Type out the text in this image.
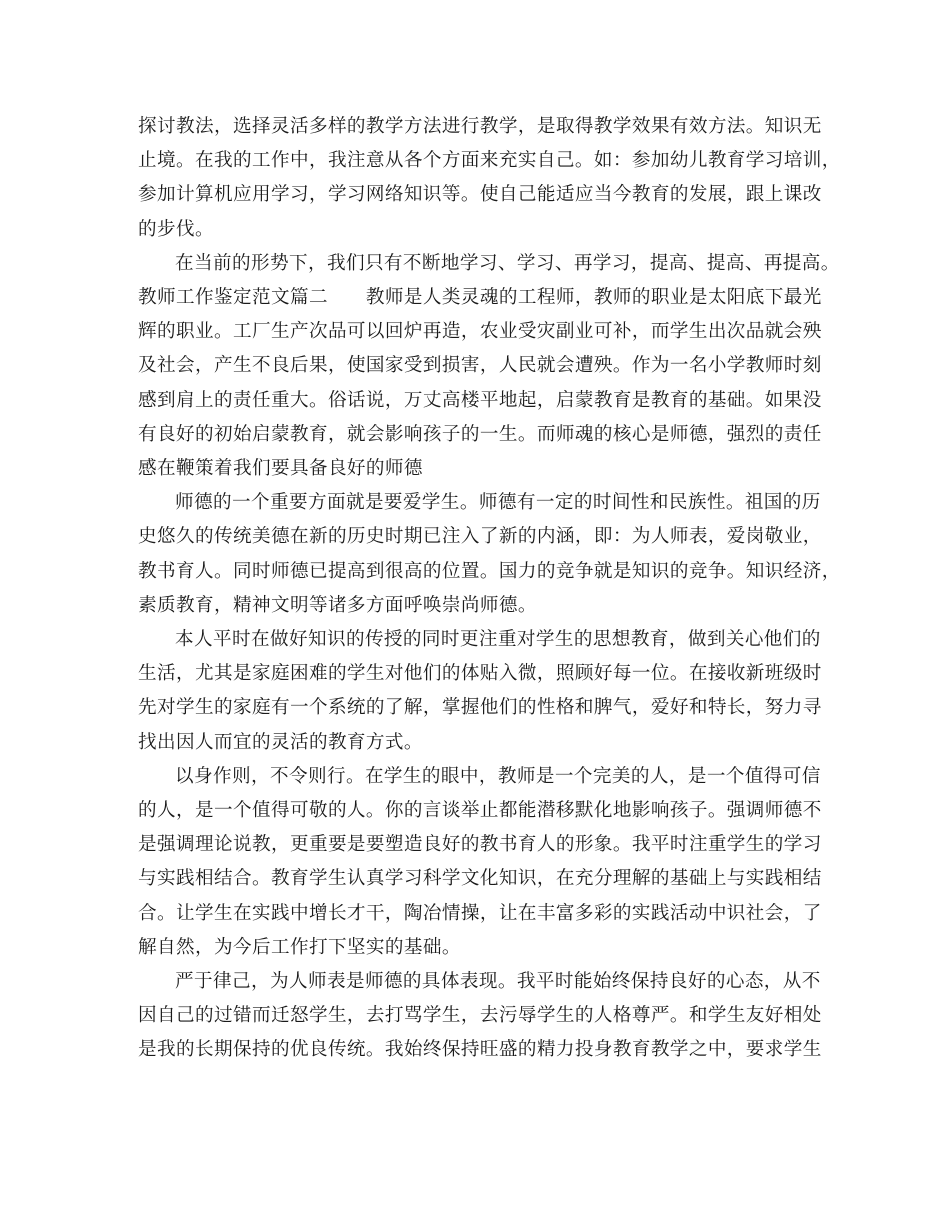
探讨教法，选择灵活多样的教学方法进行教学，是取得教学效果有效方法。知识无
止境。在我的工作中，我注意从各个方面来充实自己。如：参加幼儿教育学习培训，
参加计算机应用学习，学习网络知识等。使自己能适应当今教育的发展，跟上课改
的步伐。

在当前的形势下，我们只有不断地学习、学习、再学习，提高、提高、再提高。
教师工作鉴定范文篇二　　教师是人类灵魂的工程师，教师的职业是太阳底下最光
辉的职业。工厂生产次品可以回炉再造，农业受灾副业可补，而学生出次品就会殃
及社会，产生不良后果，使国家受到损害，人民就会遭殃。作为一名小学教师时刻
感到肩上的责任重大。俗话说，万丈高楼平地起，启蒙教育是教育的基础。如果没
有良好的初始启蒙教育，就会影响孩子的一生。而师魂的核心是师德，强烈的责任
感在鞭策着我们要具备良好的师德

师德的一个重要方面就是要爱学生。师德有一定的时间性和民族性。祖国的历
史悠久的传统美德在新的历史时期已注入了新的内涵，即：为人师表，爱岗敬业，
教书育人。同时师德已提高到很高的位置。国力的竞争就是知识的竞争。知识经济，
素质教育，精神文明等诸多方面呼唤崇尚师德。

本人平时在做好知识的传授的同时更注重对学生的思想教育，做到关心他们的
生活，尤其是家庭困难的学生对他们的体贴入微，照顾好每一位。在接收新班级时
先对学生的家庭有一个系统的了解，掌握他们的性格和脾气，爱好和特长，努力寻
找出因人而宜的灵活的教育方式。

以身作则，不令则行。在学生的眼中，教师是一个完美的人，是一个值得可信
的人，是一个值得可敬的人。你的言谈举止都能潜移默化地影响孩子。强调师德不
是强调理论说教，更重要是要塑造良好的教书育人的形象。我平时注重学生的学习
与实践相结合。教育学生认真学习科学文化知识，在充分理解的基础上与实践相结
合。让学生在实践中增长才干，陶冶情操，让在丰富多彩的实践活动中识社会，了
解自然，为今后工作打下坚实的基础。

严于律己，为人师表是师德的具体表现。我平时能始终保持良好的心态，从不
因自己的过错而迁怒学生，去打骂学生，去污辱学生的人格尊严。和学生友好相处
是我的长期保持的优良传统。我始终保持旺盛的精力投身教育教学之中，要求学生
